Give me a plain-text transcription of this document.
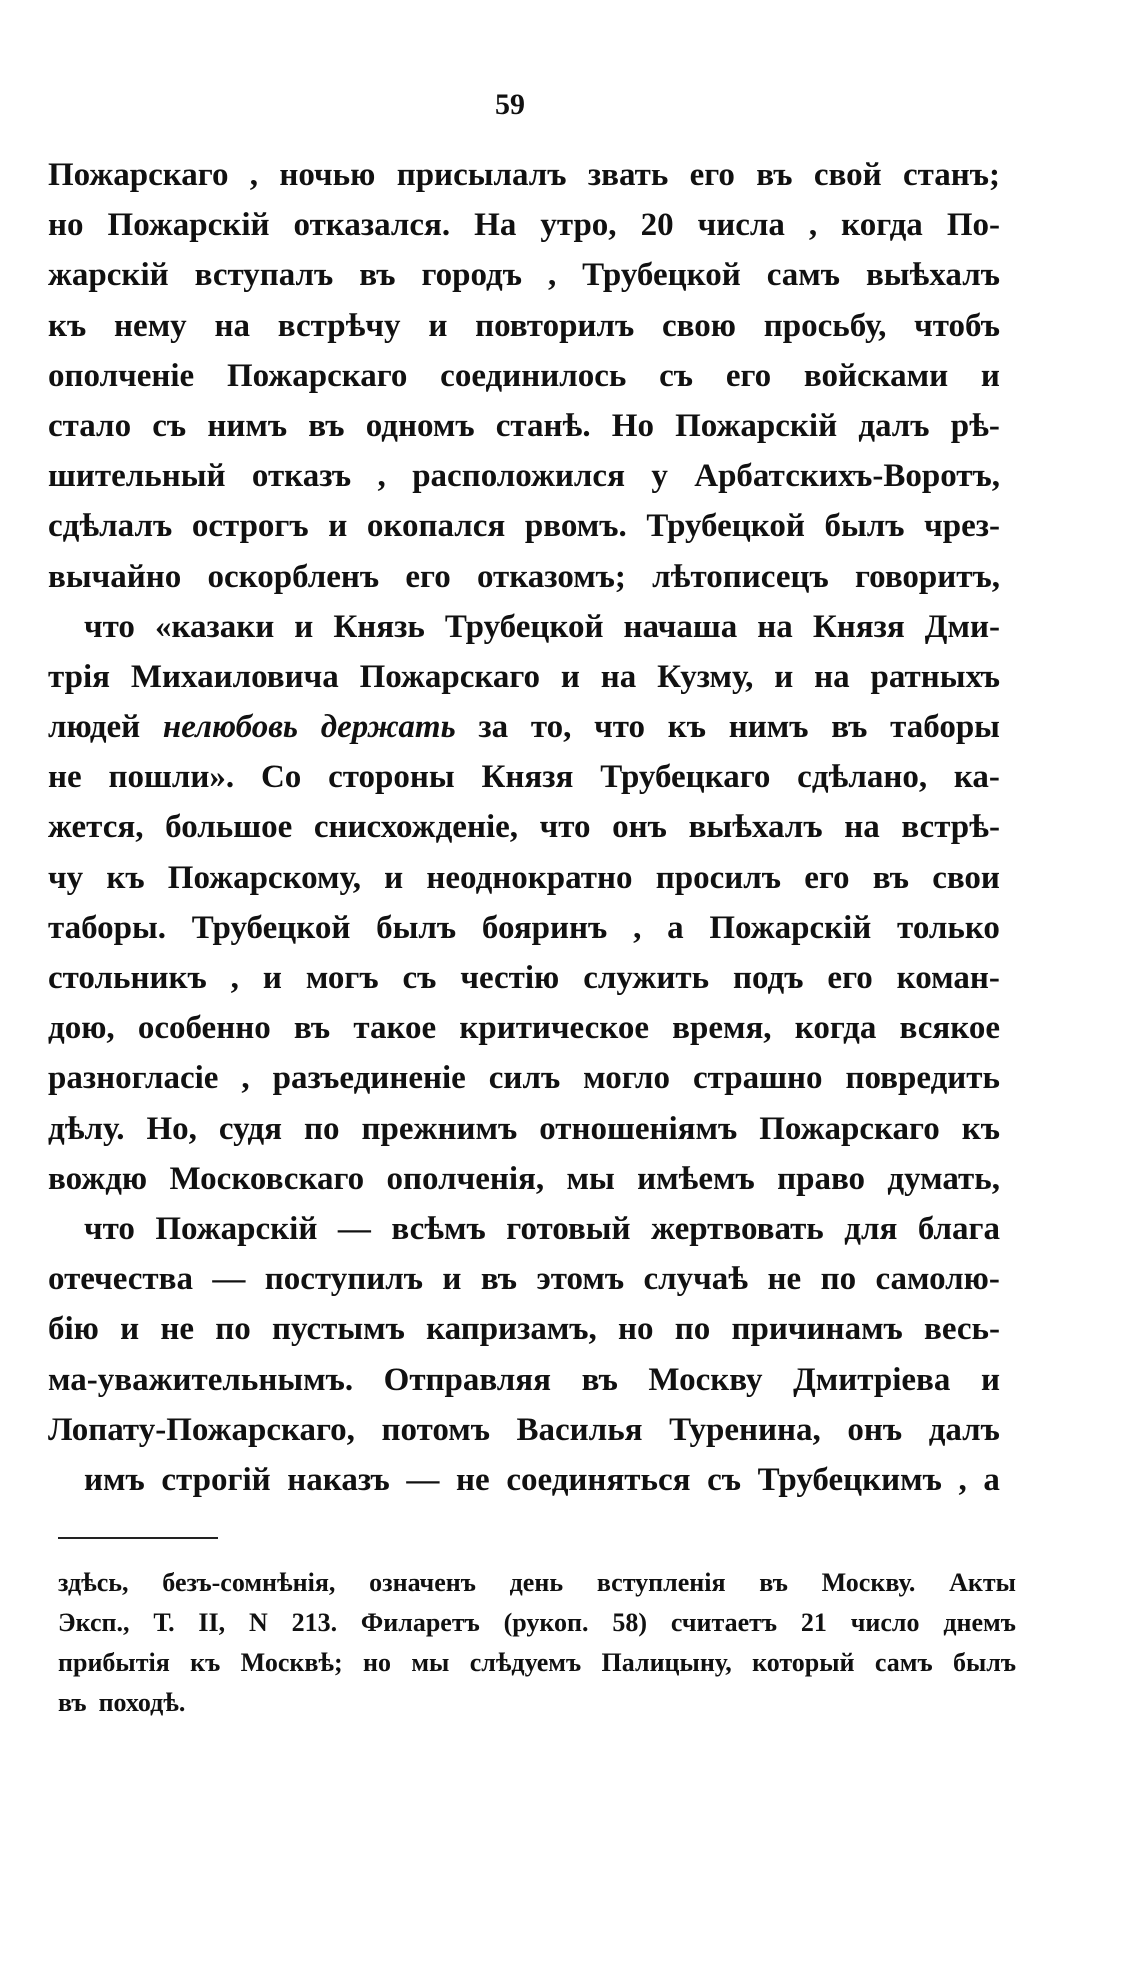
59
Пожарскаго , ночью присылалъ звать его въ свой станъ;
но Пожарскій отказался. На утро, 20 числа , когда По-
жарскій вступалъ въ городъ , Трубецкой самъ выѣхалъ
къ нему на встрѣчу и повторилъ свою просьбу, чтобъ
ополченіе Пожарскаго соединилось съ его войсками и
стало съ нимъ въ одномъ станѣ. Но Пожарскій далъ рѣ-
шительный отказъ , расположился у Арбатскихъ-Воротъ,
сдѣлалъ острогъ и окопался рвомъ. Трубецкой былъ чрез-
вычайно оскорбленъ его отказомъ; лѣтописецъ говоритъ,
что «казаки и Князь Трубецкой начаша на Князя Дми-
трія Михаиловича Пожарскаго и на Кузму, и на ратныхъ
людей нелюбовь держать за то, что къ нимъ въ таборы
не пошли». Со стороны Князя Трубецкаго сдѣлано, ка-
жется, большое снисхожденіе, что онъ выѣхалъ на встрѣ-
чу къ Пожарскому, и неоднократно просилъ его въ свои
таборы. Трубецкой былъ бояринъ , а Пожарскій только
стольникъ , и могъ съ честію служить подъ его коман-
дою, особенно въ такое критическое время, когда всякое
разногласіе , разъединеніе силъ могло страшно повредить
дѣлу. Но, судя по прежнимъ отношеніямъ Пожарскаго къ
вождю Московскаго ополченія, мы имѣемъ право думать,
что Пожарскій — всѣмъ готовый жертвовать для блага
отечества — поступилъ и въ этомъ случаѣ не по самолю-
бію и не по пустымъ капризамъ, но по причинамъ весь-
ма-уважительнымъ. Отправляя въ Москву Дмитріева и
Лопату-Пожарскаго, потомъ Василья Туренина, онъ далъ
имъ строгій наказъ — не соединяться съ Трубецкимъ , а
здѣсь, безъ-сомнѣнія, означенъ день вступленія въ Москву. Акты
Эксп., Т. II, N 213. Филаретъ (рукоп. 58) считаетъ 21 число днемъ
прибытія къ Москвѣ; но мы слѣдуемъ Палицыну, который самъ былъ
въ походѣ.
